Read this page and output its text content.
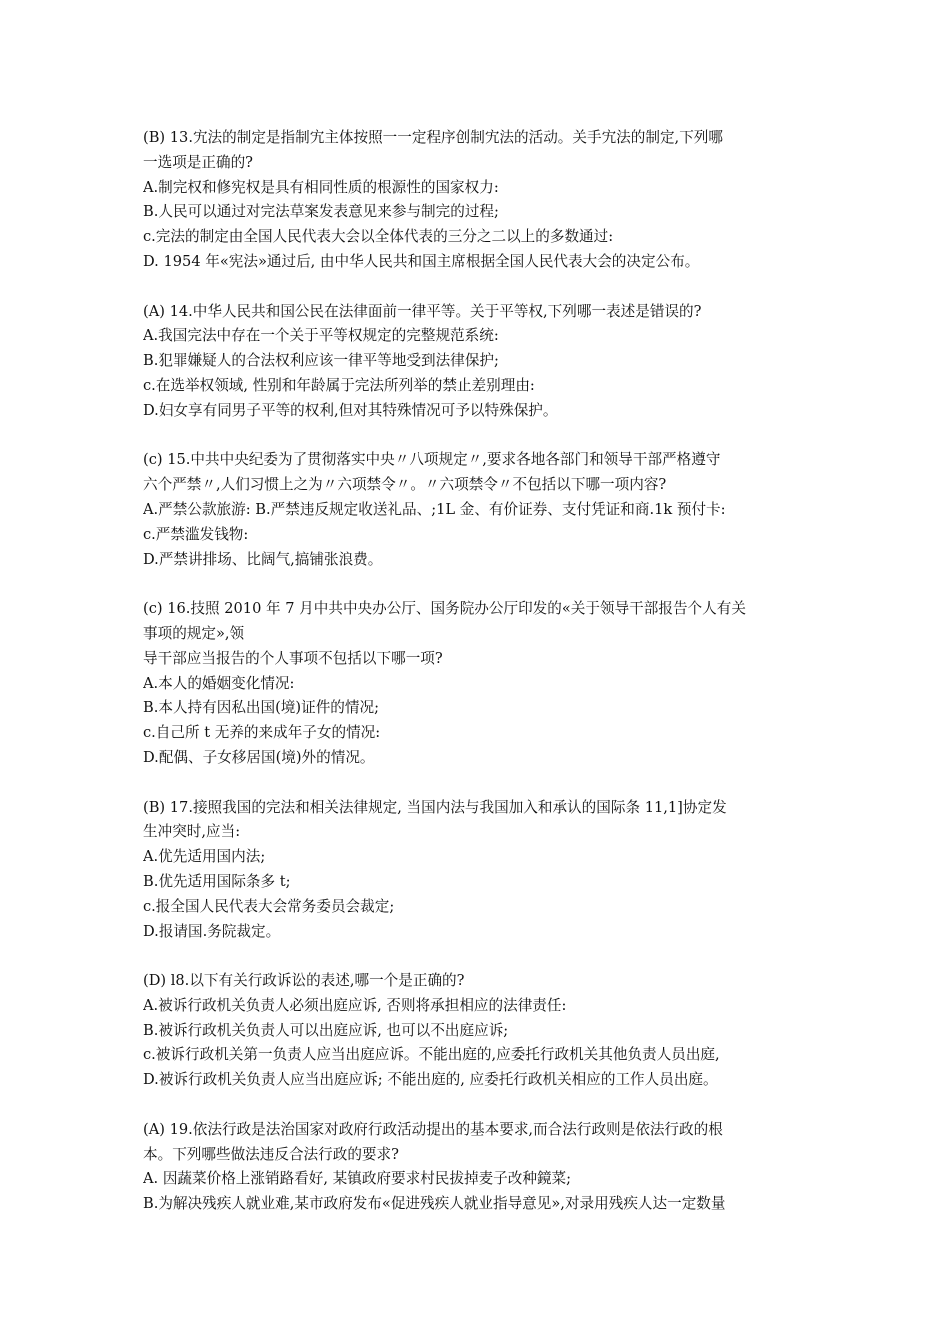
(B) 13.宄法的制定是指制宄主体按照一一定程序创制宄法的活动。关手宄法的制定,下列哪
一选项是正确的?
A.制完权和修宪权是具有相同性质的根源性的国家权力:
B.人民可以通过对完法草案发表意见来参与制完的过程;
c.完法的制定由全国人民代表大会以全体代表的三分之二以上的多数通过:
D. 1954 年«宪法»通过后, 由中华人民共和国主席根据全国人民代表大会的决定公布。
(A) 14.中华人民共和国公民在法律面前一律平等。关于平等权,下列哪一表述是错误的?
A.我国完法中存在一个关于平等权规定的完整规范系统:
B.犯罪嫌疑人的合法权利应该一律平等地受到法律保护;
c.在选举权领域, 性别和年龄属于完法所列举的禁止差别理由:
D.妇女享有同男子平等的权利,但对其特殊情况可予以特殊保护。
(c) 15.中共中央纪委为了贯彻落实中央〃八项规定〃,要求各地各部门和领导干部严格遵守
六个严禁〃,人们习惯上之为〃六项禁令〃。〃六项禁令〃不包括以下哪一项内容?
A.严禁公款旅游: B.严禁违反规定收送礼品、;1L 金、有价证券、支付凭证和商.1k 预付卡:
c.严禁滥发钱物:
D.严禁讲排场、比阔气,搞铺张浪费。
(c) 16.技照 2010 年 7 月中共中央办公厅、国务院办公厅印发的«关于领导干部报告个人有关
事项的规定»,领
导干部应当报告的个人事项不包括以下哪一项?
A.本人的婚姻变化情况:
B.本人持有因私出国(境)证件的情况;
c.自己所 t 无养的来成年子女的情况:
D.配偶、子女移居国(境)外的情况。
(B) 17.接照我国的完法和相关法律规定, 当国内法与我国加入和承认的国际条 11,1]协定发
生冲突时,应当:
A.优先适用国内法;
B.优先适用国际条多 t;
c.报全国人民代表大会常务委员会裁定;
D.报请国.务院裁定。
(D) l8.以下有关行政诉讼的表述,哪一个是正确的?
A.被诉行政机关负责人必须出庭应诉, 否则将承担相应的法律责任:
B.被诉行政机关负责人可以出庭应诉, 也可以不出庭应诉;
c.被诉行政机关第一负责人应当出庭应诉。不能出庭的,应委托行政机关其他负责人员出庭,
D.被诉行政机关负责人应当出庭应诉; 不能出庭的, 应委托行政机关相应的工作人员出庭。
(A) 19.依法行政是法治国家对政府行政活动提出的基本要求,而合法行政则是依法行政的根
本。下列哪些做法违反合法行政的要求?
A. 因蔬菜价格上涨销路看好, 某镇政府要求村民拔掉麦子改种鏡菜;
B.为解决残疾人就业难,某市政府发布«促进残疾人就业指导意见»,对录用残疾人达一定数量
